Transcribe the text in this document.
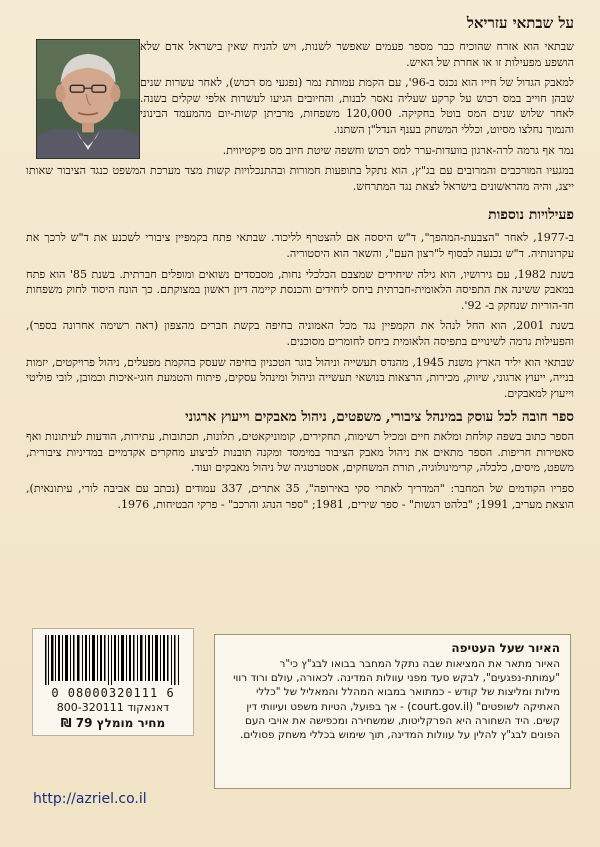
על שבתאי עזריאל

שבתאי הוא אזרח שהוכיח כבר מספר פעמים שאפשר לשנות, ויש להניח שאין בישראל אדם שלא הושפע מפעילות זו או אחרת של האיש.

למאבק הגדול של חייו הוא נכנס ב-96', עם הקמת עמותת נמר (נפגעי מס רכוש), לאחר עשרות שנים שבהן חוייב במס רכוש על קרקע שעליה נאסר לבנות, והחיובים הגיעו לעשרות אלפי שקלים בשנה. לאחר שלוש שנים המס בוטל בחקיקה. 120,000 משפחות, מרביתן קשות-יום מהמעמד הבינוני והנמוך נחלצו מסיוט, וכללי המשחק בענף הנדל"ן השתנו.

נמר אף גרמה לרה-ארגון בוועדות-ערר למס רכוש וחשפה שיטת חיוב מס פיקטיווית.

במגעיו המורכבים והמרובים עם בג"ץ, הוא נתקל בתופעות חמורות ובהתנכלויות קשות מצד מערכת המשפט כנגד הציבור שאותו ייצג, והיה מהראשונים בישראל לצאת נגד המתרחש.

פעילויות נוספות

ב-1977, לאחר "הצבעת-המהפך", ד"ש היססה אם להצטרף לליכוד. שבתאי פתח בקמפיין ציבורי לשכנע את ד"ש לרכך את עקרונותיה. ד"ש נכנעה לבסוף ל"רצון העם", והשאר הוא היסטוריה.

בשנת 1982, עם גירושיו, הוא גילה שיחידים שמצבם הכלכלי נחות, מסבסדים נשואים ומופלים חברתית. בשנת 85' הוא פתח במאבק ששינה את התפיסה הלאומית-חברתית ביחס ליחידים והכנסת קיימה דיון ראשון במצוקתם. כך הונח היסוד לחוק משפחות חד-הוריות שנחקק ב- 92'.

בשנת 2001, הוא החל לנהל את הקמפיין נגד מכל האמוניה בחיפה בקשת חברים מהצפון (ראה רשימה אחרונה בספר), והפעילות גרמה לשינויים בתפיסה הלאומית ביחס לחומרים מסוכנים.

שבתאי הוא יליד הארץ משנת 1945, מהנדס תעשייה וניהול בוגר הטכניון בחיפה שעסק בהקמת מפעלים, ניהול פרויקטים, יזמות בנייה, ייעוץ ארגוני, שיווק, מכירות, הרצאות בנושאי תעשייה וניהול ומינהל עסקים, פיתוח והטמעת חוגי-איכות וכמובן, לובי פוליטי וייעוץ למאבקים.

ספר חובה לכל עוסק במינהל ציבורי, משפטים, ניהול מאבקים וייעוץ ארגוני

הספר כתוב בשפה קולחת ומלאת חיים ומכיל רשימות, תחקירים, קומוניקאטים, תלונות, תכתובות, עתירות, הודעות לעיתונות ואף סאטירות חריפות. הספר מתאים את ניהול מאבק הציבור במימסד ומקנה תובנות לביצוע מחקרים אקדמיים במדיניות ציבורית, משפט, מיסים, כלכלה, קרימינולוגיה, תורת המשחקים, אסטרטגיה של ניהול מאבקים ועוד.

ספריו הקודמים של המחבר: "המדריך לאתרי סקי באירופה", 35 אתרים, 337 עמודים (נכתב עם אביבה לורי, עיתונאית), הוצאת מעריב, 1991; "בלהט רגשות" - ספר שירים, 1981; "ספר הנהג והרכב" - פרקי הבטיחות, 1976.

0 08000320111 6
דאנאקוד 800-320111
מחיר מומלץ 79 ₪
האיור שעל העטיפה

האיור מתאר את המציאות שבה נתקל המחבר בבואו לבג"ץ כי"ר "עמותת-נפגעים", לבקש סעד מפני עוולות המדינה. לכאורה, עולם ורוד רווי מילות ומליצות של קודש - כמתואר במבוא המהלל והמאליל של "כללי האתיקה לשופטים" (court.gov.il) - אך בפועל, הטיות משפט ועיוותי דין קשים. היד השחורה היא הפרקליטות, שמשחירה ומכפישה את אויבי העם הפונים לבג"ץ להלין על עוולות המדינה, תוך שימוש בכללי משחק פסולים.

http://azriel.co.il
